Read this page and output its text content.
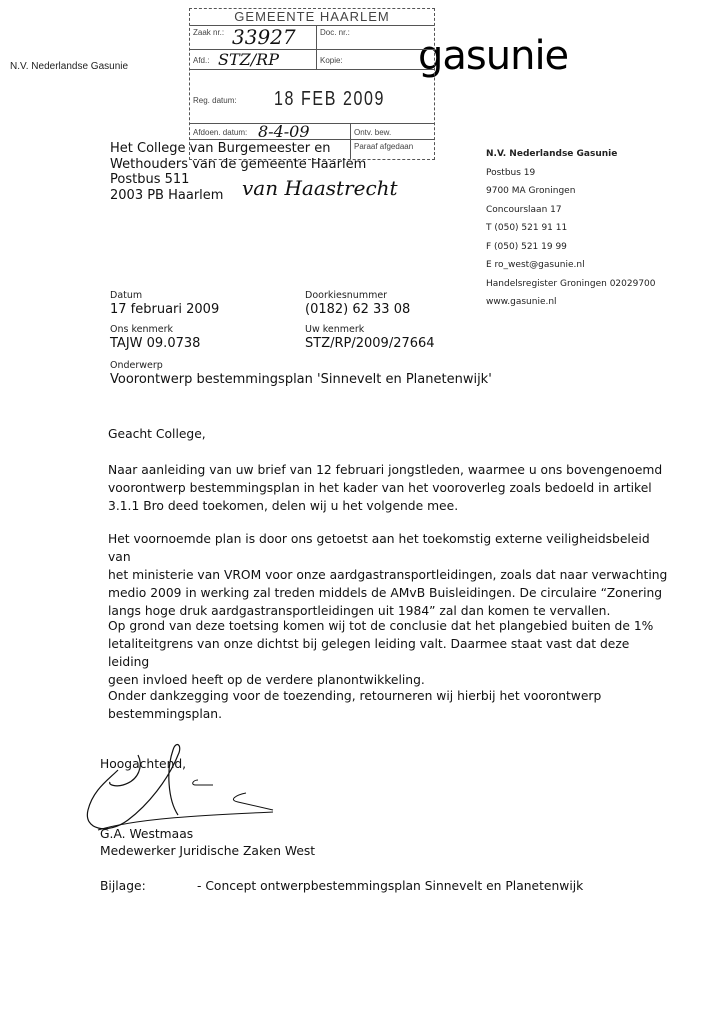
N.V. Nederlandse Gasunie	gasunie
GEMEENTE HAARLEM
Zaak nr.: 33927	Doc. nr.:
Afd.: STZ/RP	Kopie:
Reg. datum: 18 FEB 2009
Afdoen. datum: 8-4-09	Ontv. bew.
Paraaf afgedaan
Het College van Burgemeester en
Wethouders van de gemeente Haarlem
Postbus 511
2003 PB Haarlem van Haastrecht
N.V. Nederlandse Gasunie
Postbus 19
9700 MA Groningen
Concourslaan 17
T (050) 521 91 11
F (050) 521 19 99
E ro_west@gasunie.nl
Handelsregister Groningen 02029700
www.gasunie.nl
Datum
17 februari 2009
Doorkiesnummer
(0182) 62 33 08
Ons kenmerk
TAJW 09.0738
Uw kenmerk
STZ/RP/2009/27664
Onderwerp
Voorontwerp bestemmingsplan 'Sinnevelt en Planetenwijk'
Geacht College,
Naar aanleiding van uw brief van 12 februari jongstleden, waarmee u ons bovengenoemd
voorontwerp bestemmingsplan in het kader van het vooroverleg zoals bedoeld in artikel
3.1.1 Bro deed toekomen, delen wij u het volgende mee.
Het voornoemde plan is door ons getoetst aan het toekomstig externe veiligheidsbeleid van
het ministerie van VROM voor onze aardgastransportleidingen, zoals dat naar verwachting
medio 2009 in werking zal treden middels de AMvB Buisleidingen. De circulaire “Zonering
langs hoge druk aardgastransportleidingen uit 1984” zal dan komen te vervallen.
Op grond van deze toetsing komen wij tot de conclusie dat het plangebied buiten de 1%
letaliteitgrens van onze dichtst bij gelegen leiding valt. Daarmee staat vast dat deze leiding
geen invloed heeft op de verdere planontwikkeling.
Onder dankzegging voor de toezending, retourneren wij hierbij het voorontwerp
bestemmingsplan.
Hoogachtend,
G.A. Westmaas
Medewerker Juridische Zaken West
Bijlage:	- Concept ontwerpbestemmingsplan Sinnevelt en Planetenwijk
